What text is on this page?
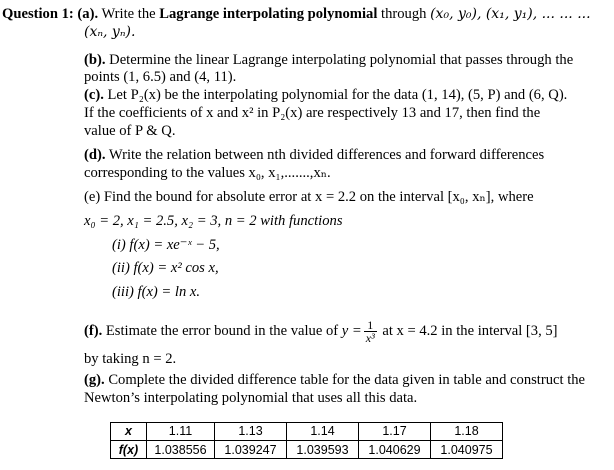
Question 1: (a). Write the Lagrange interpolating polynomial through (x₀, y₀), (x₁, y₁), ... ... ...
(xₙ, yₙ).
(b). Determine the linear Lagrange interpolating polynomial that passes through the
points (1, 6.5) and (4, 11).
(c). Let P₂(x) be the interpolating polynomial for the data (1, 14), (5, P) and (6, Q).
If the coefficients of x and x² in P₂(x) are respectively 13 and 17, then find the
value of P & Q.
(d). Write the relation between nth divided differences and forward differences
corresponding to the values x₀, x₁,.......,xₙ.
(e) Find the bound for absolute error at x = 2.2 on the interval [x₀, xₙ], where
x₀ = 2, x₁ = 2.5, x₂ = 3, n = 2 with functions
(i) f(x) = xe⁻ˣ − 5,
(ii) f(x) = x² cos x,
(iii) f(x) = ln x.
(f). Estimate the error bound in the value of $y = \frac{1}{\text{x³}}$ at x = 4.2 in the interval [3, 5]
by taking n = 2.
(g). Complete the divided difference table for the data given in table and construct the
Newton’s interpolating polynomial that uses all this data.
x	1.11	1.13	1.14	1.17	1.18
f(x)	1.038556	1.039247	1.039593	1.040629	1.040975
